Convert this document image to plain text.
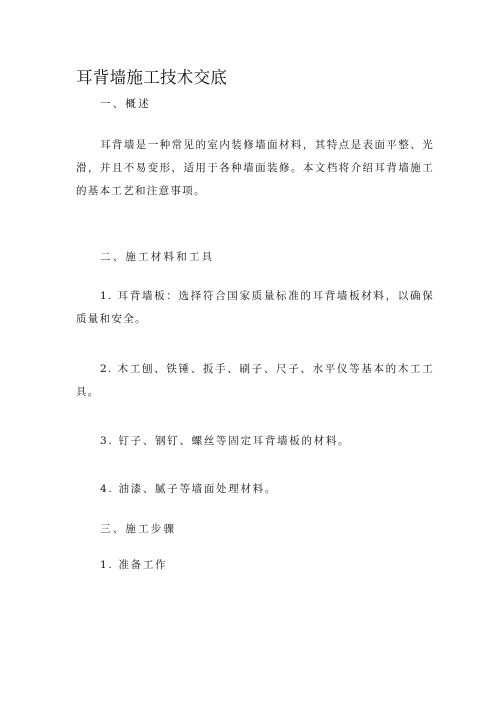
耳背墙施工技术交底
一、概述
耳背墙是一种常见的室内装修墙面材料，其特点是表面平整、光滑，并且不易变形，适用于各种墙面装修。本文档将介绍耳背墙施工的基本工艺和注意事项。
二、施工材料和工具
1. 耳背墙板：选择符合国家质量标准的耳背墙板材料，以确保质量和安全。
2. 木工刨、铁锤、扳手、刷子、尺子、水平仪等基本的木工工具。
3. 钉子、钢钉、螺丝等固定耳背墙板的材料。
4. 油漆、腻子等墙面处理材料。
三、施工步骤
1. 准备工作
